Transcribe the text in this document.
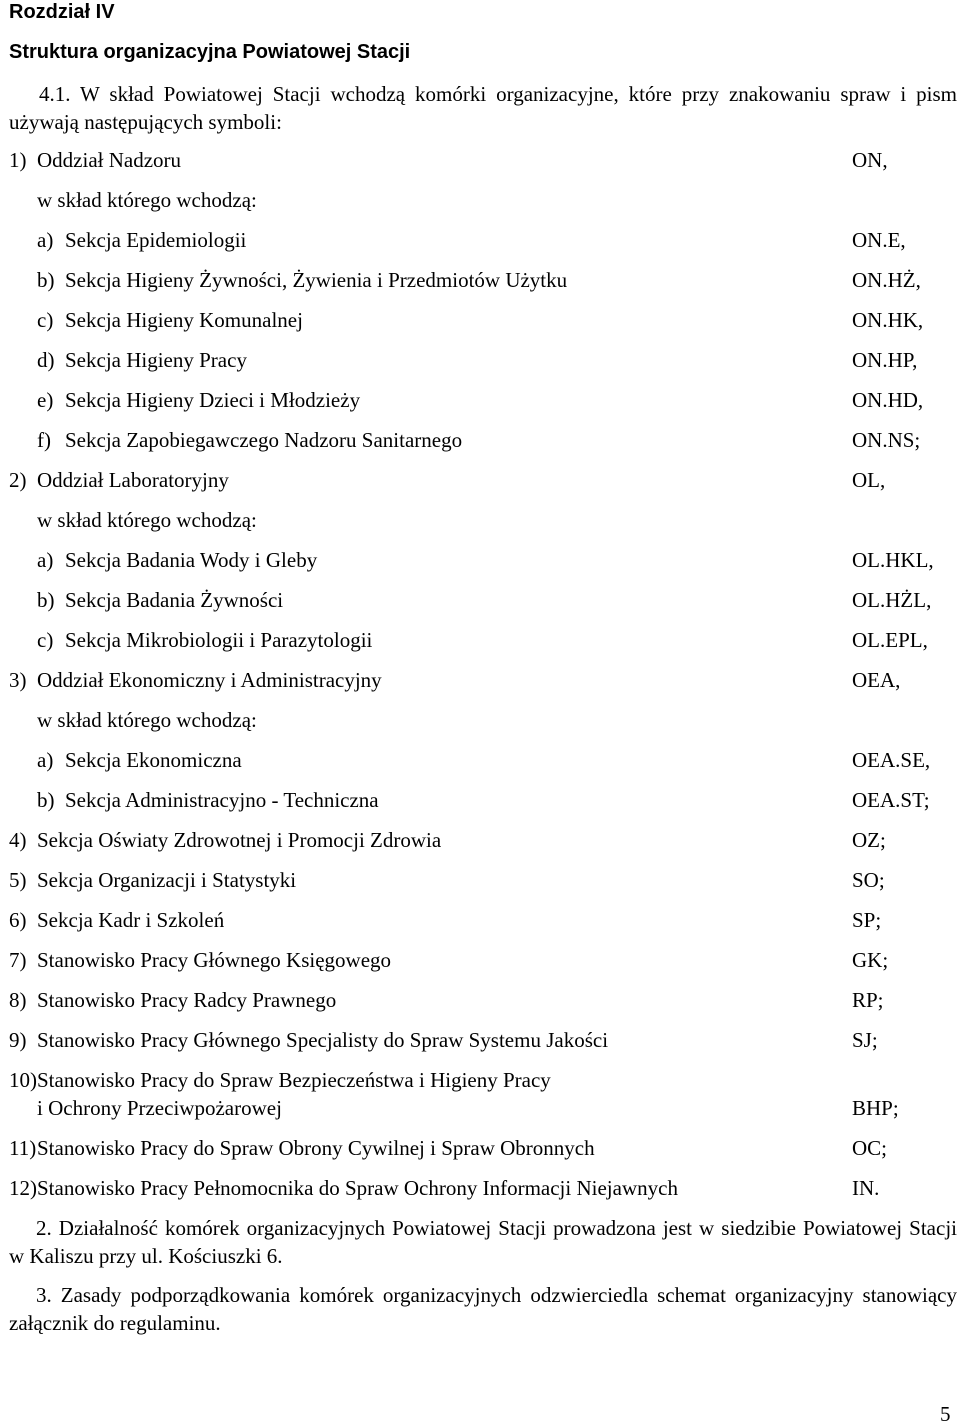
Rozdział IV
Struktura organizacyjna Powiatowej Stacji
4.1. W skład Powiatowej Stacji wchodzą komórki organizacyjne, które przy znakowaniu spraw i pism używają następujących symboli:
1) Oddział Nadzoru	ON,
w skład którego wchodzą:
a) Sekcja Epidemiologii	ON.E,
b) Sekcja Higieny Żywności, Żywienia i Przedmiotów Użytku	ON.HŻ,
c) Sekcja Higieny Komunalnej	ON.HK,
d) Sekcja Higieny Pracy	ON.HP,
e) Sekcja Higieny Dzieci i Młodzieży	ON.HD,
f) Sekcja Zapobiegawczego Nadzoru Sanitarnego	ON.NS;
2) Oddział Laboratoryjny	OL,
w skład którego wchodzą:
a) Sekcja Badania Wody i Gleby	OL.HKL,
b) Sekcja Badania Żywności	OL.HŻL,
c) Sekcja Mikrobiologii i Parazytologii	OL.EPL,
3) Oddział Ekonomiczny i Administracyjny	OEA,
w skład którego wchodzą:
a) Sekcja Ekonomiczna	OEA.SE,
b) Sekcja Administracyjno - Techniczna	OEA.ST;
4) Sekcja Oświaty Zdrowotnej i Promocji Zdrowia	OZ;
5) Sekcja Organizacji i Statystyki	SO;
6) Sekcja Kadr i Szkoleń	SP;
7) Stanowisko Pracy Głównego Księgowego	GK;
8) Stanowisko Pracy Radcy Prawnego	RP;
9) Stanowisko Pracy Głównego Specjalisty do Spraw Systemu Jakości	SJ;
10) Stanowisko Pracy do Spraw Bezpieczeństwa i Higieny Pracy
i Ochrony Przeciwpożarowej	BHP;
11) Stanowisko Pracy do Spraw Obrony Cywilnej i Spraw Obronnych	OC;
12) Stanowisko Pracy Pełnomocnika do Spraw Ochrony Informacji Niejawnych	IN.
2. Działalność komórek organizacyjnych Powiatowej Stacji prowadzona jest w siedzibie Powiatowej Stacji w Kaliszu przy ul. Kościuszki 6.
3. Zasady podporządkowania komórek organizacyjnych odzwierciedla schemat organizacyjny stanowiący załącznik do regulaminu.
5
